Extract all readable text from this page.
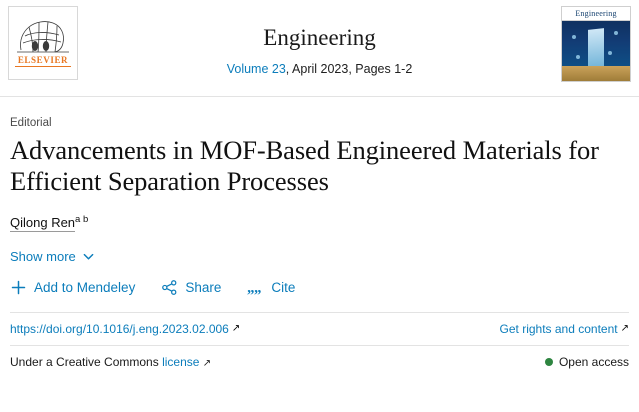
ELSEVIER
Engineering
Volume 23, April 2023, Pages 1-2
Engineering
Editorial
Advancements in MOF-Based Engineered Materials for Efficient Separation Processes
Qilong Ren$^{a b}$
Show more
Add to Mendeley	Share „ „ Cite
https://doi.org/10.1016/j.eng.2023.02.006 ↗	Get rights and content ↗
Under a Creative Commons license ↗	Open access
